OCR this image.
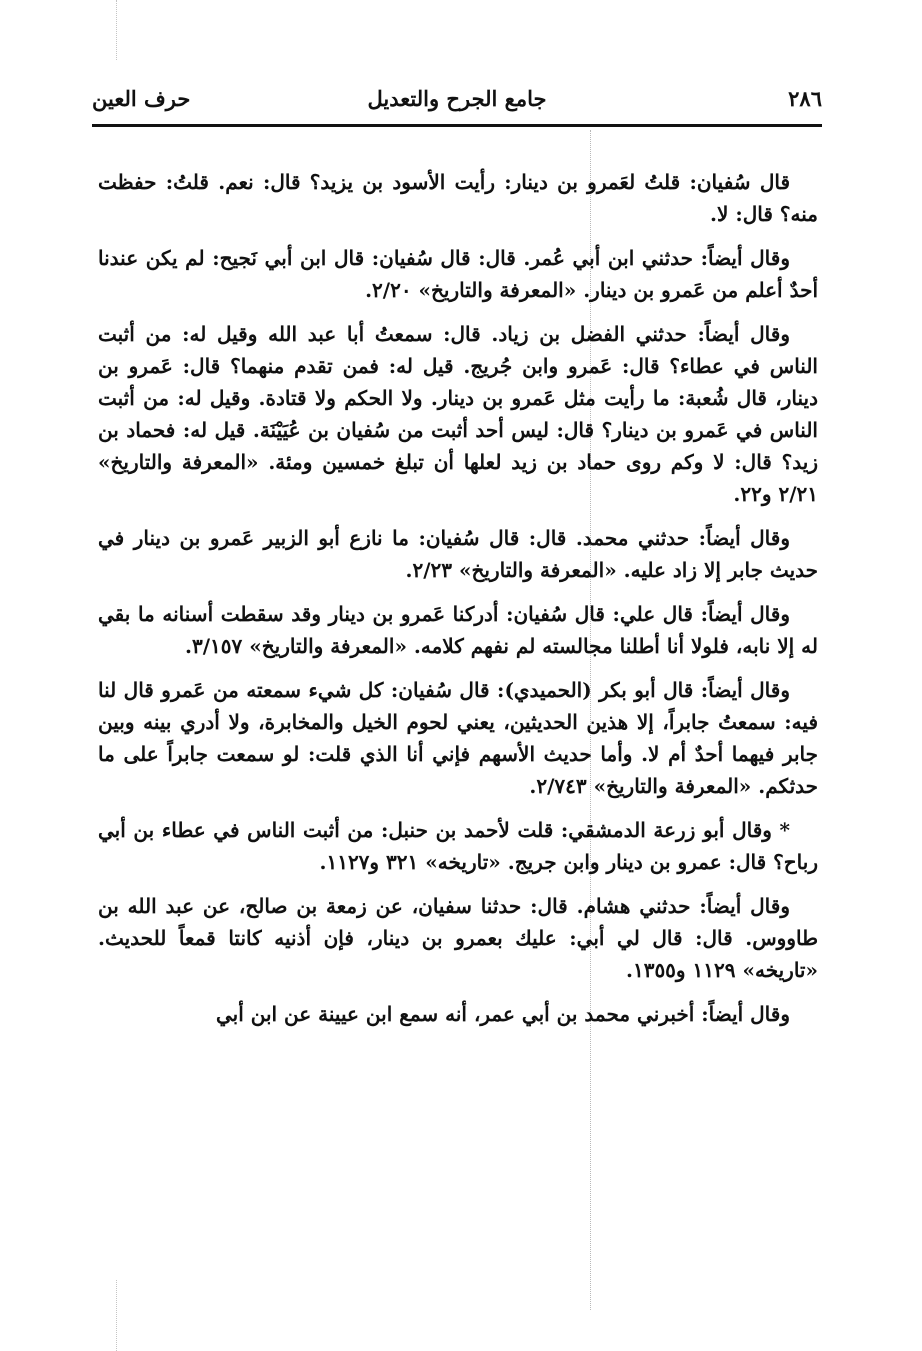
٢٨٦
جامع الجرح والتعديل
حرف العين

قال سُفيان: قلتُ لعَمرو بن دينار: رأيت الأسود بن يزيد؟ قال: نعم. قلتُ: حفظت منه؟ قال: لا.

وقال أيضاً: حدثني ابن أبي عُمر. قال: قال سُفيان: قال ابن أبي نَجيح: لم يكن عندنا أحدٌ أعلم من عَمرو بن دينار. «المعرفة والتاريخ» ٢/٢٠.

وقال أيضاً: حدثني الفضل بن زياد. قال: سمعتُ أبا عبد الله وقيل له: من أثبت الناس في عطاء؟ قال: عَمرو وابن جُريج. قيل له: فمن تقدم منهما؟ قال: عَمرو بن دينار، قال شُعبة: ما رأيت مثل عَمرو بن دينار. ولا الحكم ولا قتادة. وقيل له: من أثبت الناس في عَمرو بن دينار؟ قال: ليس أحد أثبت من سُفيان بن عُيَيْنَة. قيل له: فحماد بن زيد؟ قال: لا وكم روى حماد بن زيد لعلها أن تبلغ خمسين ومئة. «المعرفة والتاريخ» ٢/٢١ و٢٢.

وقال أيضاً: حدثني محمد. قال: قال سُفيان: ما نازع أبو الزبير عَمرو بن دينار في حديث جابر إلا زاد عليه. «المعرفة والتاريخ» ٢/٢٣.

وقال أيضاً: قال علي: قال سُفيان: أدركنا عَمرو بن دينار وقد سقطت أسنانه ما بقي له إلا نابه، فلولا أنا أطلنا مجالسته لم نفهم كلامه. «المعرفة والتاريخ» ٣/١٥٧.

وقال أيضاً: قال أبو بكر (الحميدي): قال سُفيان: كل شيء سمعته من عَمرو قال لنا فيه: سمعتُ جابراً، إلا هذين الحديثين، يعني لحوم الخيل والمخابرة، ولا أدري بينه وبين جابر فيهما أحدٌ أم لا. وأما حديث الأسهم فإني أنا الذي قلت: لو سمعت جابراً على ما حدثكم. «المعرفة والتاريخ» ٢/٧٤٣.

* وقال أبو زرعة الدمشقي: قلت لأحمد بن حنبل: من أثبت الناس في عطاء بن أبي رباح؟ قال: عمرو بن دينار وابن جريج. «تاريخه» ٣٢١ و١١٢٧.

وقال أيضاً: حدثني هشام. قال: حدثنا سفيان، عن زمعة بن صالح، عن عبد الله بن طاووس. قال: قال لي أبي: عليك بعمرو بن دينار، فإن أذنيه كانتا قمعاً للحديث. «تاريخه» ١١٢٩ و١٣٥٥.

وقال أيضاً: أخبرني محمد بن أبي عمر، أنه سمع ابن عيينة عن ابن أبي
